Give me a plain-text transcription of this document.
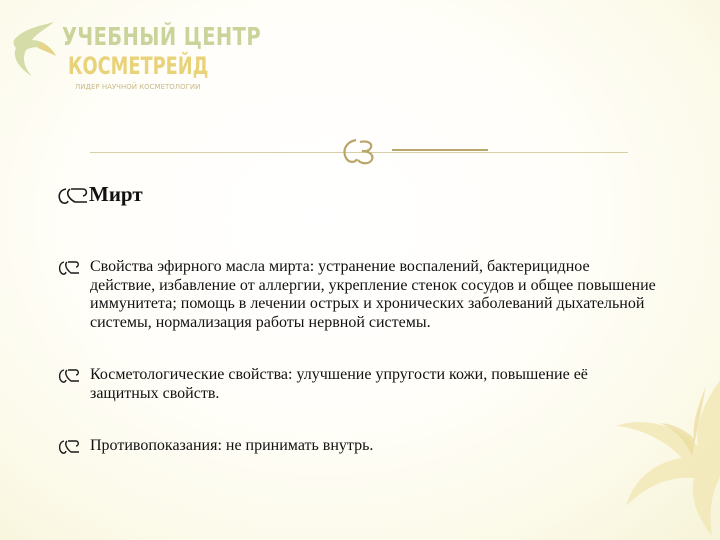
УЧЕБНЫЙ ЦЕНТР
КОСМЕТРЕЙД
ЛИДЕР НАУЧНОЙ КОСМЕТОЛОГИИ
Мирт
Свойства эфирного масла мирта: устранение воспалений, бактерицидное действие, избавление от аллергии, укрепление стенок сосудов и общее повышение иммунитета; помощь в лечении острых и хронических заболеваний дыхательной системы, нормализация работы нервной системы.
Косметологические свойства: улучшение упругости кожи, повышение её защитных свойств.
Противопоказания: не принимать внутрь.
